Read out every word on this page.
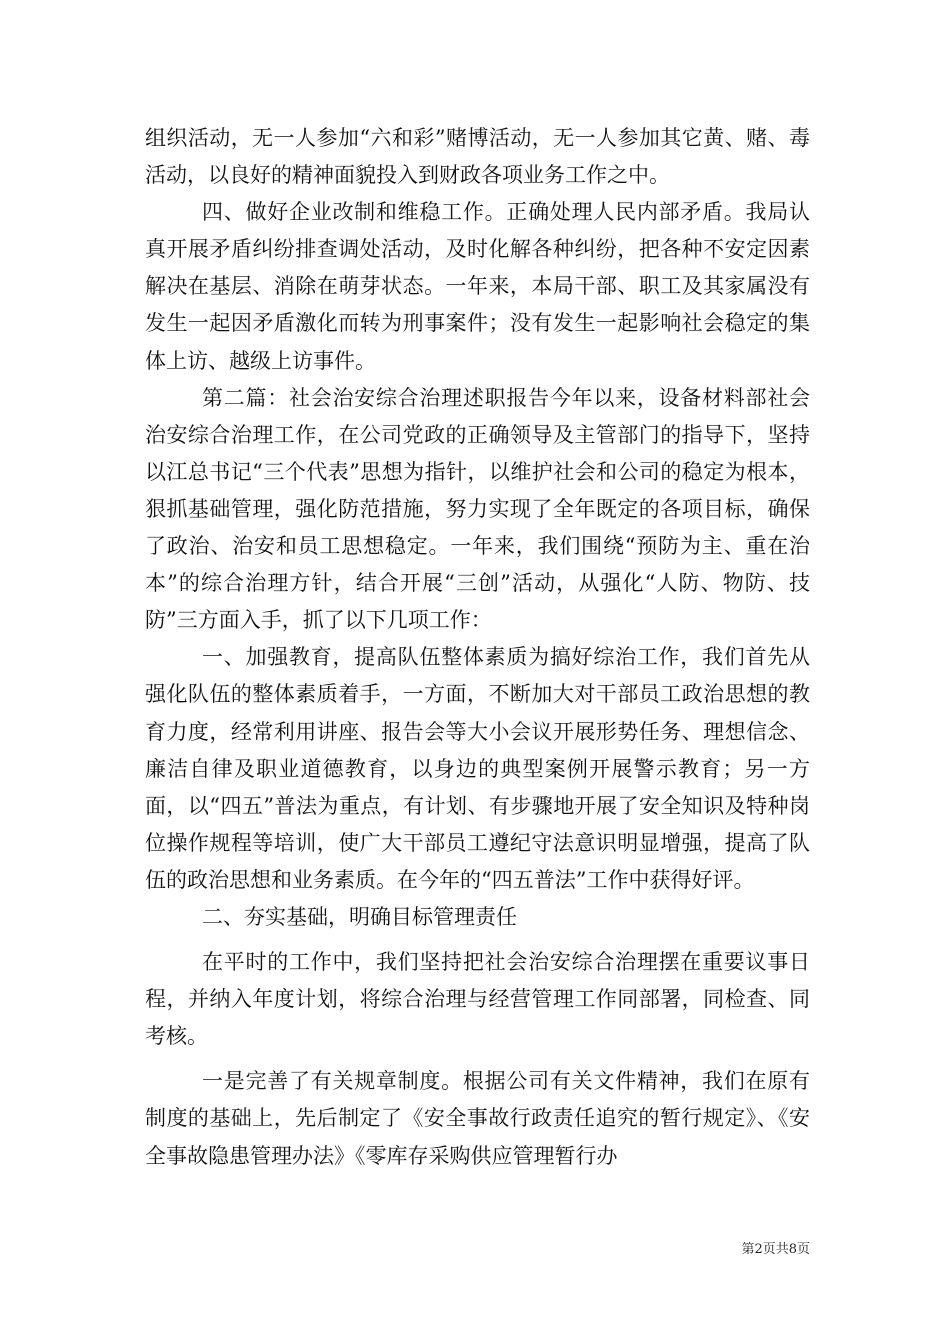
组织活动，无一人参加“六和彩”赌博活动，无一人参加其它黄、赌、毒活动，以良好的精神面貌投入到财政各项业务工作之中。

四、做好企业改制和维稳工作。正确处理人民内部矛盾。我局认真开展矛盾纠纷排查调处活动，及时化解各种纠纷，把各种不安定因素解决在基层、消除在萌芽状态。一年来，本局干部、职工及其家属没有发生一起因矛盾激化而转为刑事案件；没有发生一起影响社会稳定的集体上访、越级上访事件。

第二篇：社会治安综合治理述职报告今年以来，设备材料部社会治安综合治理工作，在公司党政的正确领导及主管部门的指导下，坚持以江总书记“三个代表”思想为指针，以维护社会和公司的稳定为根本，狠抓基础管理，强化防范措施，努力实现了全年既定的各项目标，确保了政治、治安和员工思想稳定。一年来，我们围绕“预防为主、重在治本”的综合治理方针，结合开展“三创”活动，从强化“人防、物防、技防”三方面入手，抓了以下几项工作：

一、加强教育，提高队伍整体素质为搞好综治工作，我们首先从强化队伍的整体素质着手，一方面，不断加大对干部员工政治思想的教育力度，经常利用讲座、报告会等大小会议开展形势任务、理想信念、廉洁自律及职业道德教育，以身边的典型案例开展警示教育；另一方面，以“四五”普法为重点，有计划、有步骤地开展了安全知识及特种岗位操作规程等培训，使广大干部员工遵纪守法意识明显增强，提高了队伍的政治思想和业务素质。在今年的“四五普法”工作中获得好评。

二、夯实基础，明确目标管理责任

在平时的工作中，我们坚持把社会治安综合治理摆在重要议事日程，并纳入年度计划，将综合治理与经营管理工作同部署，同检查、同考核。

一是完善了有关规章制度。根据公司有关文件精神，我们在原有制度的基础上，先后制定了《安全事故行政责任追究的暂行规定》、《安全事故隐患管理办法》《零库存采购供应管理暂行办

第2页共8页
